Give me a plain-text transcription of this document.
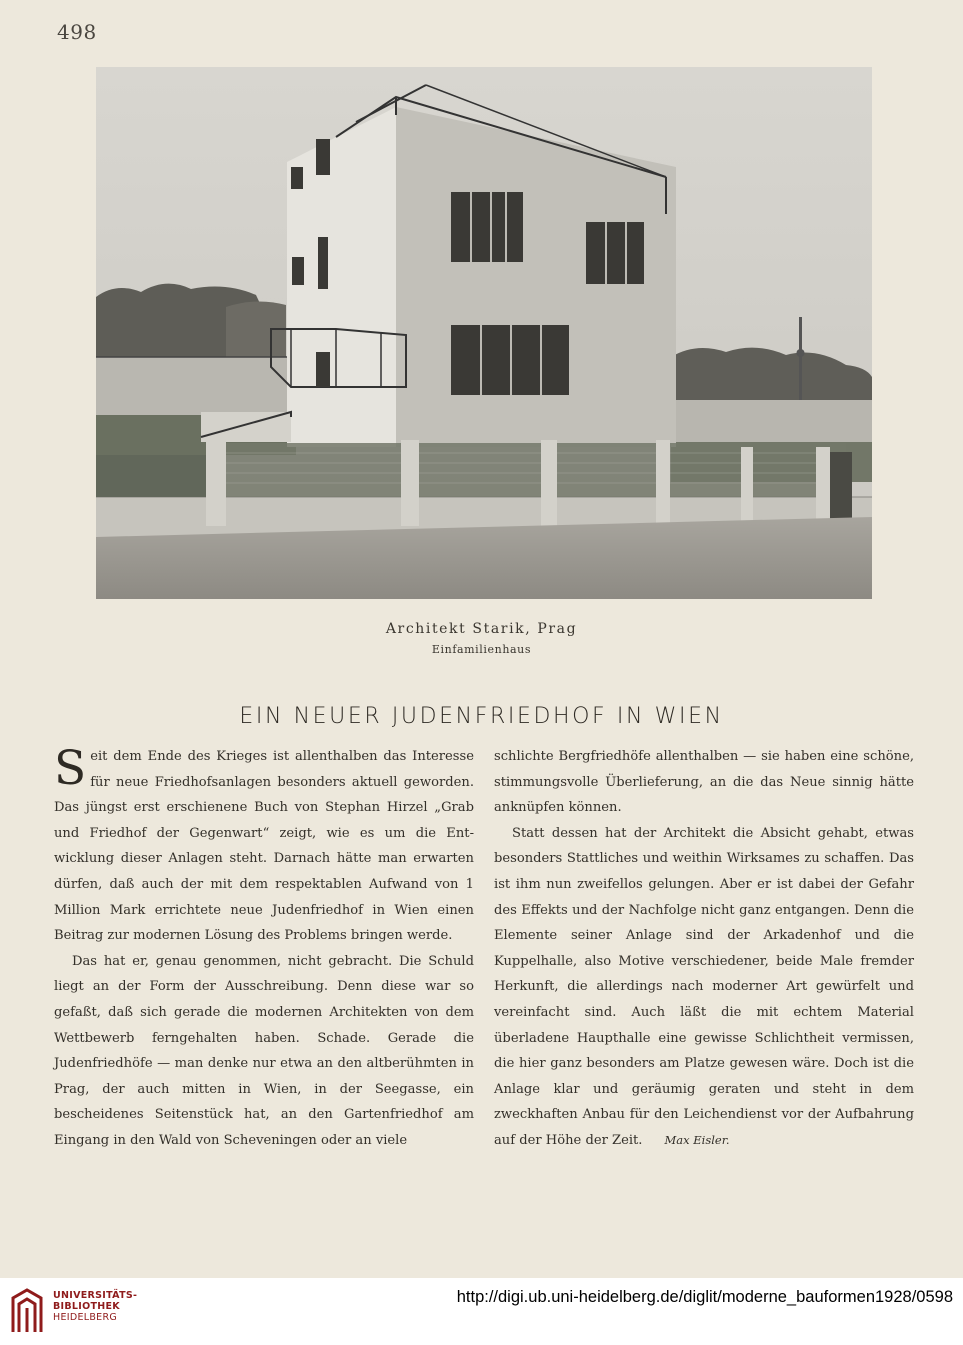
498
Architekt Starik, Prag
Einfamilienhaus
EIN NEUER JUDENFRIEDHOF IN WIEN

Seit dem Ende des Krieges ist allenthalben das Interesse für neue Friedhofsanlagen besonders aktuell geworden. Das jüngst erst erschienene Buch von Stephan Hirzel „Grab und Friedhof der Gegenwart“ zeigt, wie es um die Entwicklung dieser Anlagen steht. Darnach hätte man erwarten dürfen, daß auch der mit dem respektablen Aufwand von 1 Million Mark errichtete neue Judenfriedhof in Wien einen Beitrag zur modernen Lösung des Problems bringen werde.

Das hat er, genau genommen, nicht gebracht. Die Schuld liegt an der Form der Ausschreibung. Denn diese war so gefaßt, daß sich gerade die modernen Architekten von dem Wettbewerb ferngehalten haben. Schade. Gerade die Judenfriedhöfe — man denke nur etwa an den altberühmten in Prag, der auch mitten in Wien, in der Seegasse, ein bescheidenes Seitenstück hat, an den Gartenfriedhof am Eingang in den Wald von Scheveningen oder an viele

schlichte Bergfriedhöfe allenthalben — sie haben eine schöne, stimmungsvolle Überlieferung, an die das Neue sinnig hätte anknüpfen können.

Statt dessen hat der Architekt die Absicht gehabt, etwas besonders Stattliches und weithin Wirksames zu schaffen. Das ist ihm nun zweifellos gelungen. Aber er ist dabei der Gefahr des Effekts und der Nachfolge nicht ganz entgangen. Denn die Elemente seiner Anlage sind der Arkadenhof und die Kuppelhalle, also Motive verschiedener, beide Male fremder Herkunft, die allerdings nach moderner Art gewürfelt und vereinfacht sind. Auch läßt die mit echtem Material überladene Haupthalle eine gewisse Schlichtheit vermissen, die hier ganz besonders am Platze gewesen wäre. Doch ist die Anlage klar und geräumig geraten und steht in dem zweckhaften Anbau für den Leichendienst vor der Aufbahrung auf der Höhe der Zeit. Max Eisler.

UNIVERSITÄTS-
BIBLIOTHEK
HEIDELBERG
http://digi.ub.uni-heidelberg.de/diglit/moderne_bauformen1928/0598
